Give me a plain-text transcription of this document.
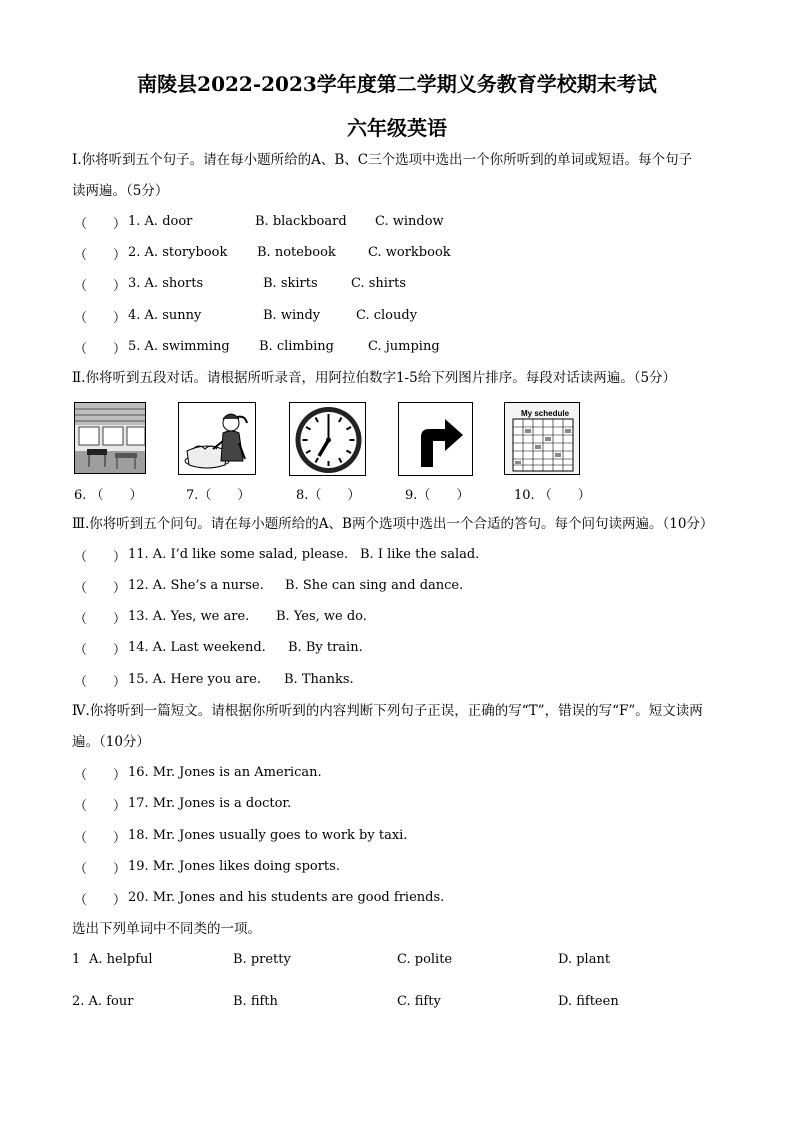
南陵县2022-2023学年度第二学期义务教育学校期末考试
六年级英语
Ⅰ.你将听到五个句子。请在每小题所给的A、B、C三个选项中选出一个你所听到的单词或短语。每个句子
读两遍。（5分）
（　　） 1. A. door	B. blackboard C. window
（　　） 2. A. storybook B. notebook C. workbook
（　　） 3. A. shorts	B. skirts	C. shirts
（　　） 4. A. sunny	B. windy	C. cloudy
（　　） 5. A. swimming B. climbing	C. jumping
Ⅱ.你将听到五段对话。请根据所听录音，用阿拉伯数字1-5给下列图片排序。每段对话读两遍。（5分）
My schedule
6. （　　）	7.（　　）	8.（　　）	9.（　　）	10. （　　）
Ⅲ.你将听到五个问句。请在每小题所给的A、B两个选项中选出一个合适的答句。每个问句读两遍。（10分）
（　　） 11. A. I’d like some salad, please. B. I like the salad.
（　　） 12. A. She’s a nurse. B. She can sing and dance.
（　　） 13. A. Yes, we are. B. Yes, we do.
（　　） 14. A. Last weekend. B. By train.
（　　） 15. A. Here you are. B. Thanks.
Ⅳ.你将听到一篇短文。请根据你所听到的内容判断下列句子正误，正确的写“T”，错误的写“F”。短文读两
遍。（10分）
（　　） 16. Mr. Jones is an American.
（　　） 17. Mr. Jones is a doctor.
（　　） 18. Mr. Jones usually goes to work by taxi.
（　　） 19. Mr. Jones likes doing sports.
（　　） 20. Mr. Jones and his students are good friends.
选出下列单词中不同类的一项。
1 A. helpful	B. pretty	C. polite	D. plant
2. A. four	B. fifth	C. fifty	D. fifteen
